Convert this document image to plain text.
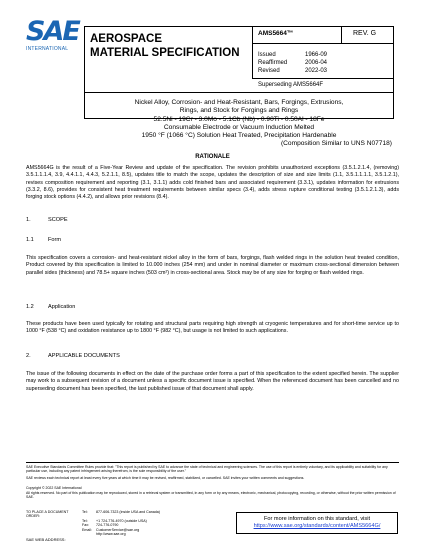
SAE
INTERNATIONAL
AEROSPACE
MATERIAL SPECIFICATION
AMS5664™	REV. G
Issued	1966-09
Reaffirmed	2006-04
Revised	2022-03
Superseding AMS5664F
Nickel Alloy, Corrosion- and Heat-Resistant, Bars, Forgings, Extrusions,
Rings, and Stock for Forgings and Rings
52.5Ni - 19Cr - 3.0Mo - 5.1Cb (Nb) - 0.90Ti - 0.50Al - 18Fe
Consumable Electrode or Vacuum Induction Melted
1950 °F (1066 °C) Solution Heat Treated, Precipitation Hardenable
(Composition Similar to UNS N07718)
RATIONALE
AMS5664G is the result of a Five-Year Review and update of the specification. The revision prohibits unauthorized exceptions (3.5.1.2.1.4, (removing) 3.5.1.1.1.4, 3.9, 4.4.1.1, 4.4.3, 5.2.1.1, 8.5), updates title to match the scope, updates the description of size and size limits (1.1, 3.5.1.1.1.1, 3.5.1.2.1), revises composition requirement and reporting (3.1, 3.1.1) adds cold finished bars and associated requirement (3.3.1), updates information for extrusions (3.3.2, 8.6), provides for consistent heat treatment requirements between similar specs (3.4), adds stress rupture conditional testing (3.5.1.2.1.3), adds forging stock options (4.4.2), and allows prior revisions (8.4).
1.	SCOPE
1.1	Form
This specification covers a corrosion- and heat-resistant nickel alloy in the form of bars, forgings, flash welded rings in the solution heat treated condition, Product covered by this specification is limited to 10.000 inches (254 mm) and under in nominal diameter or maximum cross-sectional dimension between parallel sides (thickness) and 78.5+ square inches (503 cm²) in cross-sectional area. Stock may be of any size for forging or flash welded rings.
1.2	Application
These products have been used typically for rotating and structural parts requiring high strength at cryogenic temperatures and for short-time service up to 1000 °F (538 °C) and oxidation resistance up to 1800 °F (982 °C), but usage is not limited to such applications.
2.	APPLICABLE DOCUMENTS
The issue of the following documents in effect on the date of the purchase order forms a part of this specification to the extent specified herein. The supplier may work to a subsequent revision of a document unless a specific document issue is specified. When the referenced document has been cancelled and no superseding document has been specified, the last published issue of that document shall apply.
SAE Executive Standards Committee Rules provide that: "This report is published by SAE to advance the state of technical and engineering sciences. The use of this report is entirely voluntary, and its applicability and suitability for any particular use, including any patent infringement arising therefrom, is the sole responsibility of the user."
SAE reviews each technical report at least every five years at which time it may be revised, reaffirmed, stabilized, or cancelled. SAE invites your written comments and suggestions.
Copyright © 2022 SAE International
All rights reserved. No part of this publication may be reproduced, stored in a retrieval system or transmitted, in any form or by any means, electronic, mechanical, photocopying, recording, or otherwise, without the prior written permission of SAE.
TO PLACE A DOCUMENT ORDER:
Tel:	877-606-7323 (inside USA and Canada)
Tel:	+1 724-776-4970 (outside USA)
Fax:	724-776-0790
Email:	CustomerService@sae.org
http://www.sae.org
For more information on this standard, visit
https://www.sae.org/standards/content/AMS5664G/
SAE WEB ADDRESS:
